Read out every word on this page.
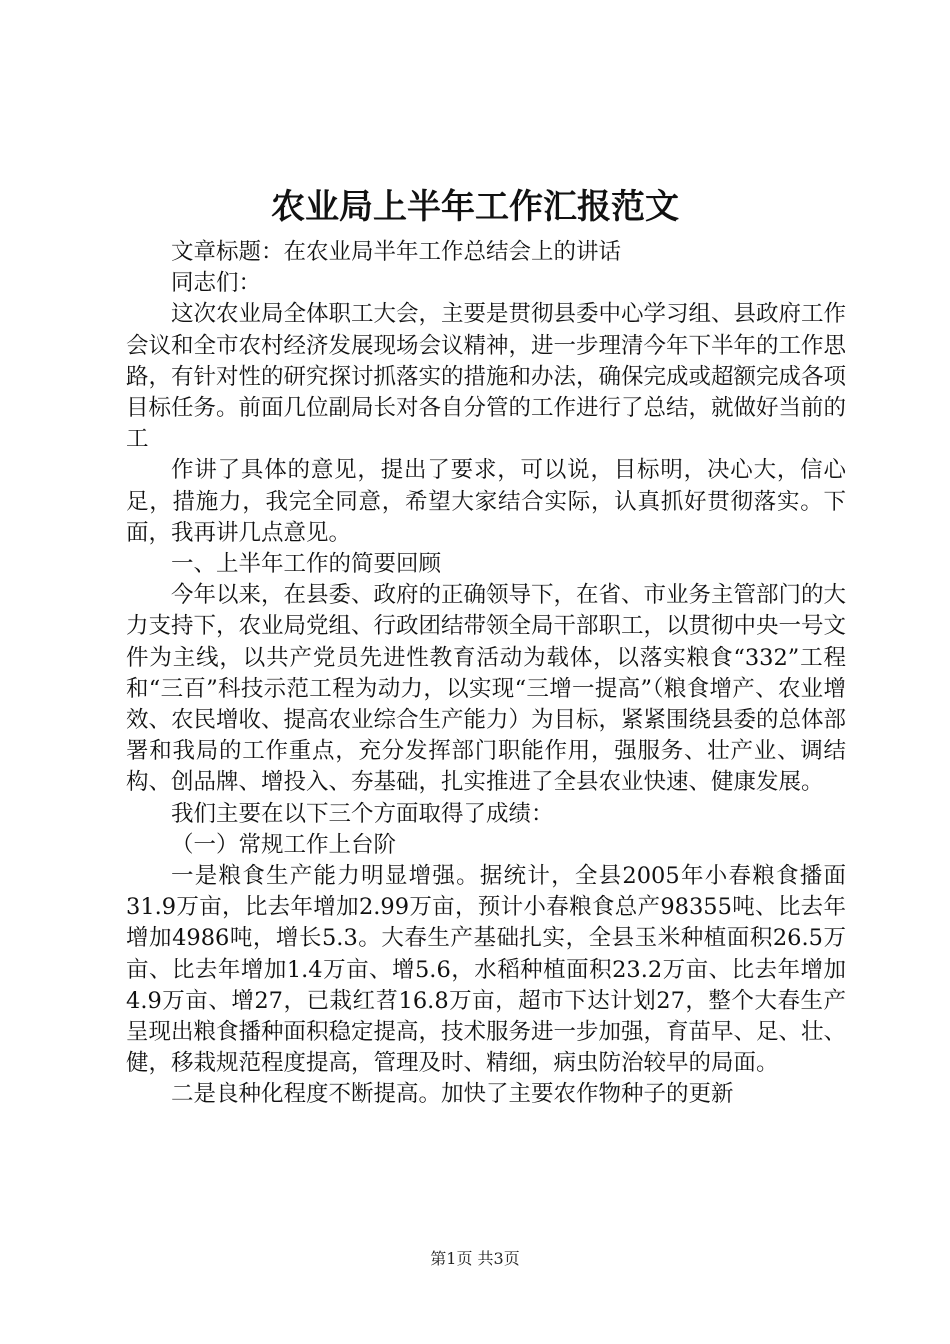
农业局上半年工作汇报范文

文章标题：在农业局半年工作总结会上的讲话

同志们：

这次农业局全体职工大会，主要是贯彻县委中心学习组、县政府工作会议和全市农村经济发展现场会议精神，进一步理清今年下半年的工作思路，有针对性的研究探讨抓落实的措施和办法，确保完成或超额完成各项目标任务。前面几位副局长对各自分管的工作进行了总结，就做好当前的工

作讲了具体的意见，提出了要求，可以说，目标明，决心大，信心足，措施力，我完全同意，希望大家结合实际，认真抓好贯彻落实。下面，我再讲几点意见。

一、上半年工作的简要回顾

今年以来，在县委、政府的正确领导下，在省、市业务主管部门的大力支持下，农业局党组、行政团结带领全局干部职工，以贯彻中央一号文件为主线，以共产党员先进性教育活动为载体，以落实粮食“332”工程和“三百”科技示范工程为动力，以实现“三增一提高”（粮食增产、农业增效、农民增收、提高农业综合生产能力）为目标，紧紧围绕县委的总体部署和我局的工作重点，充分发挥部门职能作用，强服务、壮产业、调结构、创品牌、增投入、夯基础，扎实推进了全县农业快速、健康发展。

我们主要在以下三个方面取得了成绩：

（一）常规工作上台阶

一是粮食生产能力明显增强。据统计，全县2005年小春粮食播面31.9万亩，比去年增加2.99万亩，预计小春粮食总产98355吨、比去年增加4986吨，增长5.3。大春生产基础扎实，全县玉米种植面积26.5万亩、比去年增加1.4万亩、增5.6，水稻种植面积23.2万亩、比去年增加4.9万亩、增27，已栽红苕16.8万亩，超市下达计划27，整个大春生产呈现出粮食播种面积稳定提高，技术服务进一步加强，育苗早、足、壮、健，移栽规范程度提高，管理及时、精细，病虫防治较早的局面。

二是良种化程度不断提高。加快了主要农作物种子的更新

第1页 共3页
